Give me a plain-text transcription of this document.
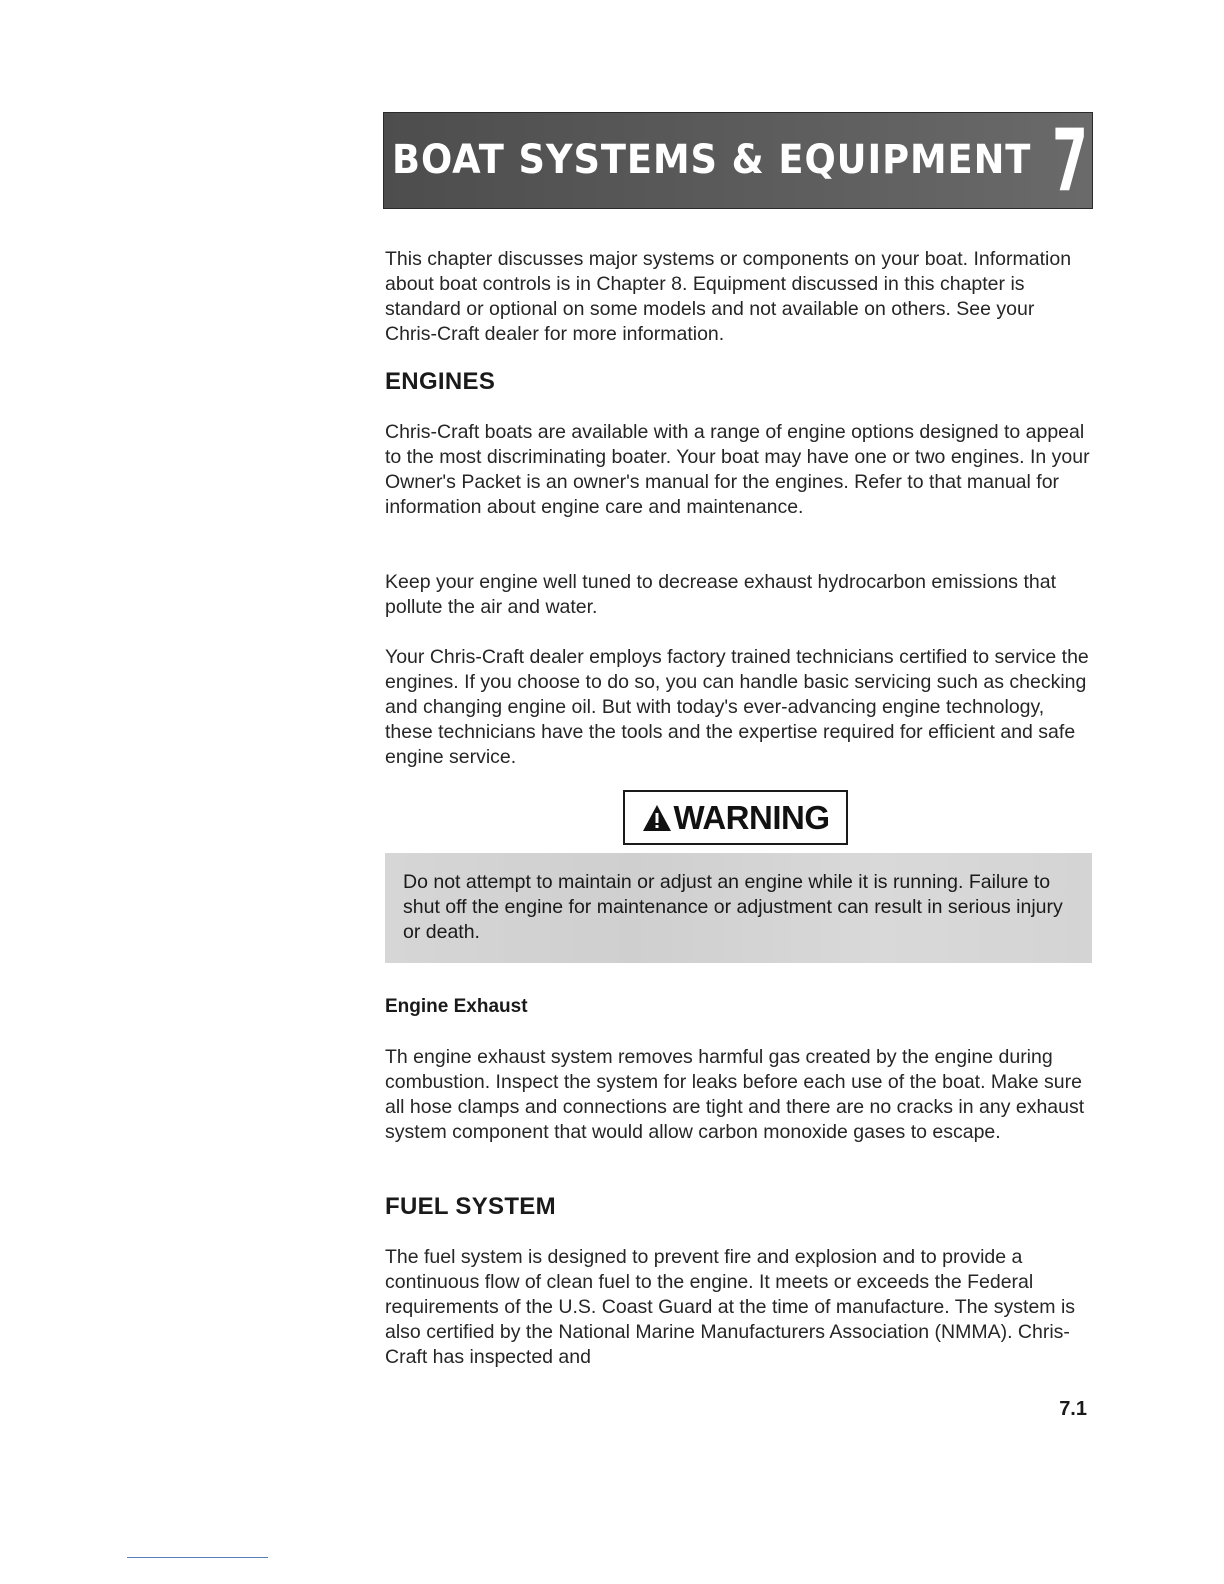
BOAT SYSTEMS & EQUIPMENT 7

This chapter discusses major systems or components on your boat. Information about boat controls is in Chapter 8. Equipment discussed in this chapter is standard or optional on some models and not available on others. See your Chris-Craft dealer for more information.

ENGINES

Chris-Craft boats are available with a range of engine options designed to appeal to the most discriminating boater. Your boat may have one or two engines. In your Owner's Packet is an owner's manual for the engines. Refer to that manual for information about engine care and maintenance.

Keep your engine well tuned to decrease exhaust hydrocarbon emissions that pollute the air and water.

Your Chris-Craft dealer employs factory trained technicians certified to service the engines. If you choose to do so, you can handle basic servicing such as checking and changing engine oil. But with today's ever-advancing engine technology, these technicians have the tools and the expertise required for efficient and safe engine service.

WARNING

Do not attempt to maintain or adjust an engine while it is running. Failure to shut off the engine for maintenance or adjustment can result in serious injury or death.

Engine Exhaust

Th engine exhaust system removes harmful gas created by the engine during combustion. Inspect the system for leaks before each use of the boat. Make sure all hose clamps and connections are tight and there are no cracks in any exhaust system component that would allow carbon monoxide gases to escape.

FUEL SYSTEM

The fuel system is designed to prevent fire and explosion and to provide a continuous flow of clean fuel to the engine. It meets or exceeds the Federal requirements of the U.S. Coast Guard at the time of manufacture. The system is also certified by the National Marine Manufacturers Association (NMMA). Chris-Craft has inspected and

7.1
